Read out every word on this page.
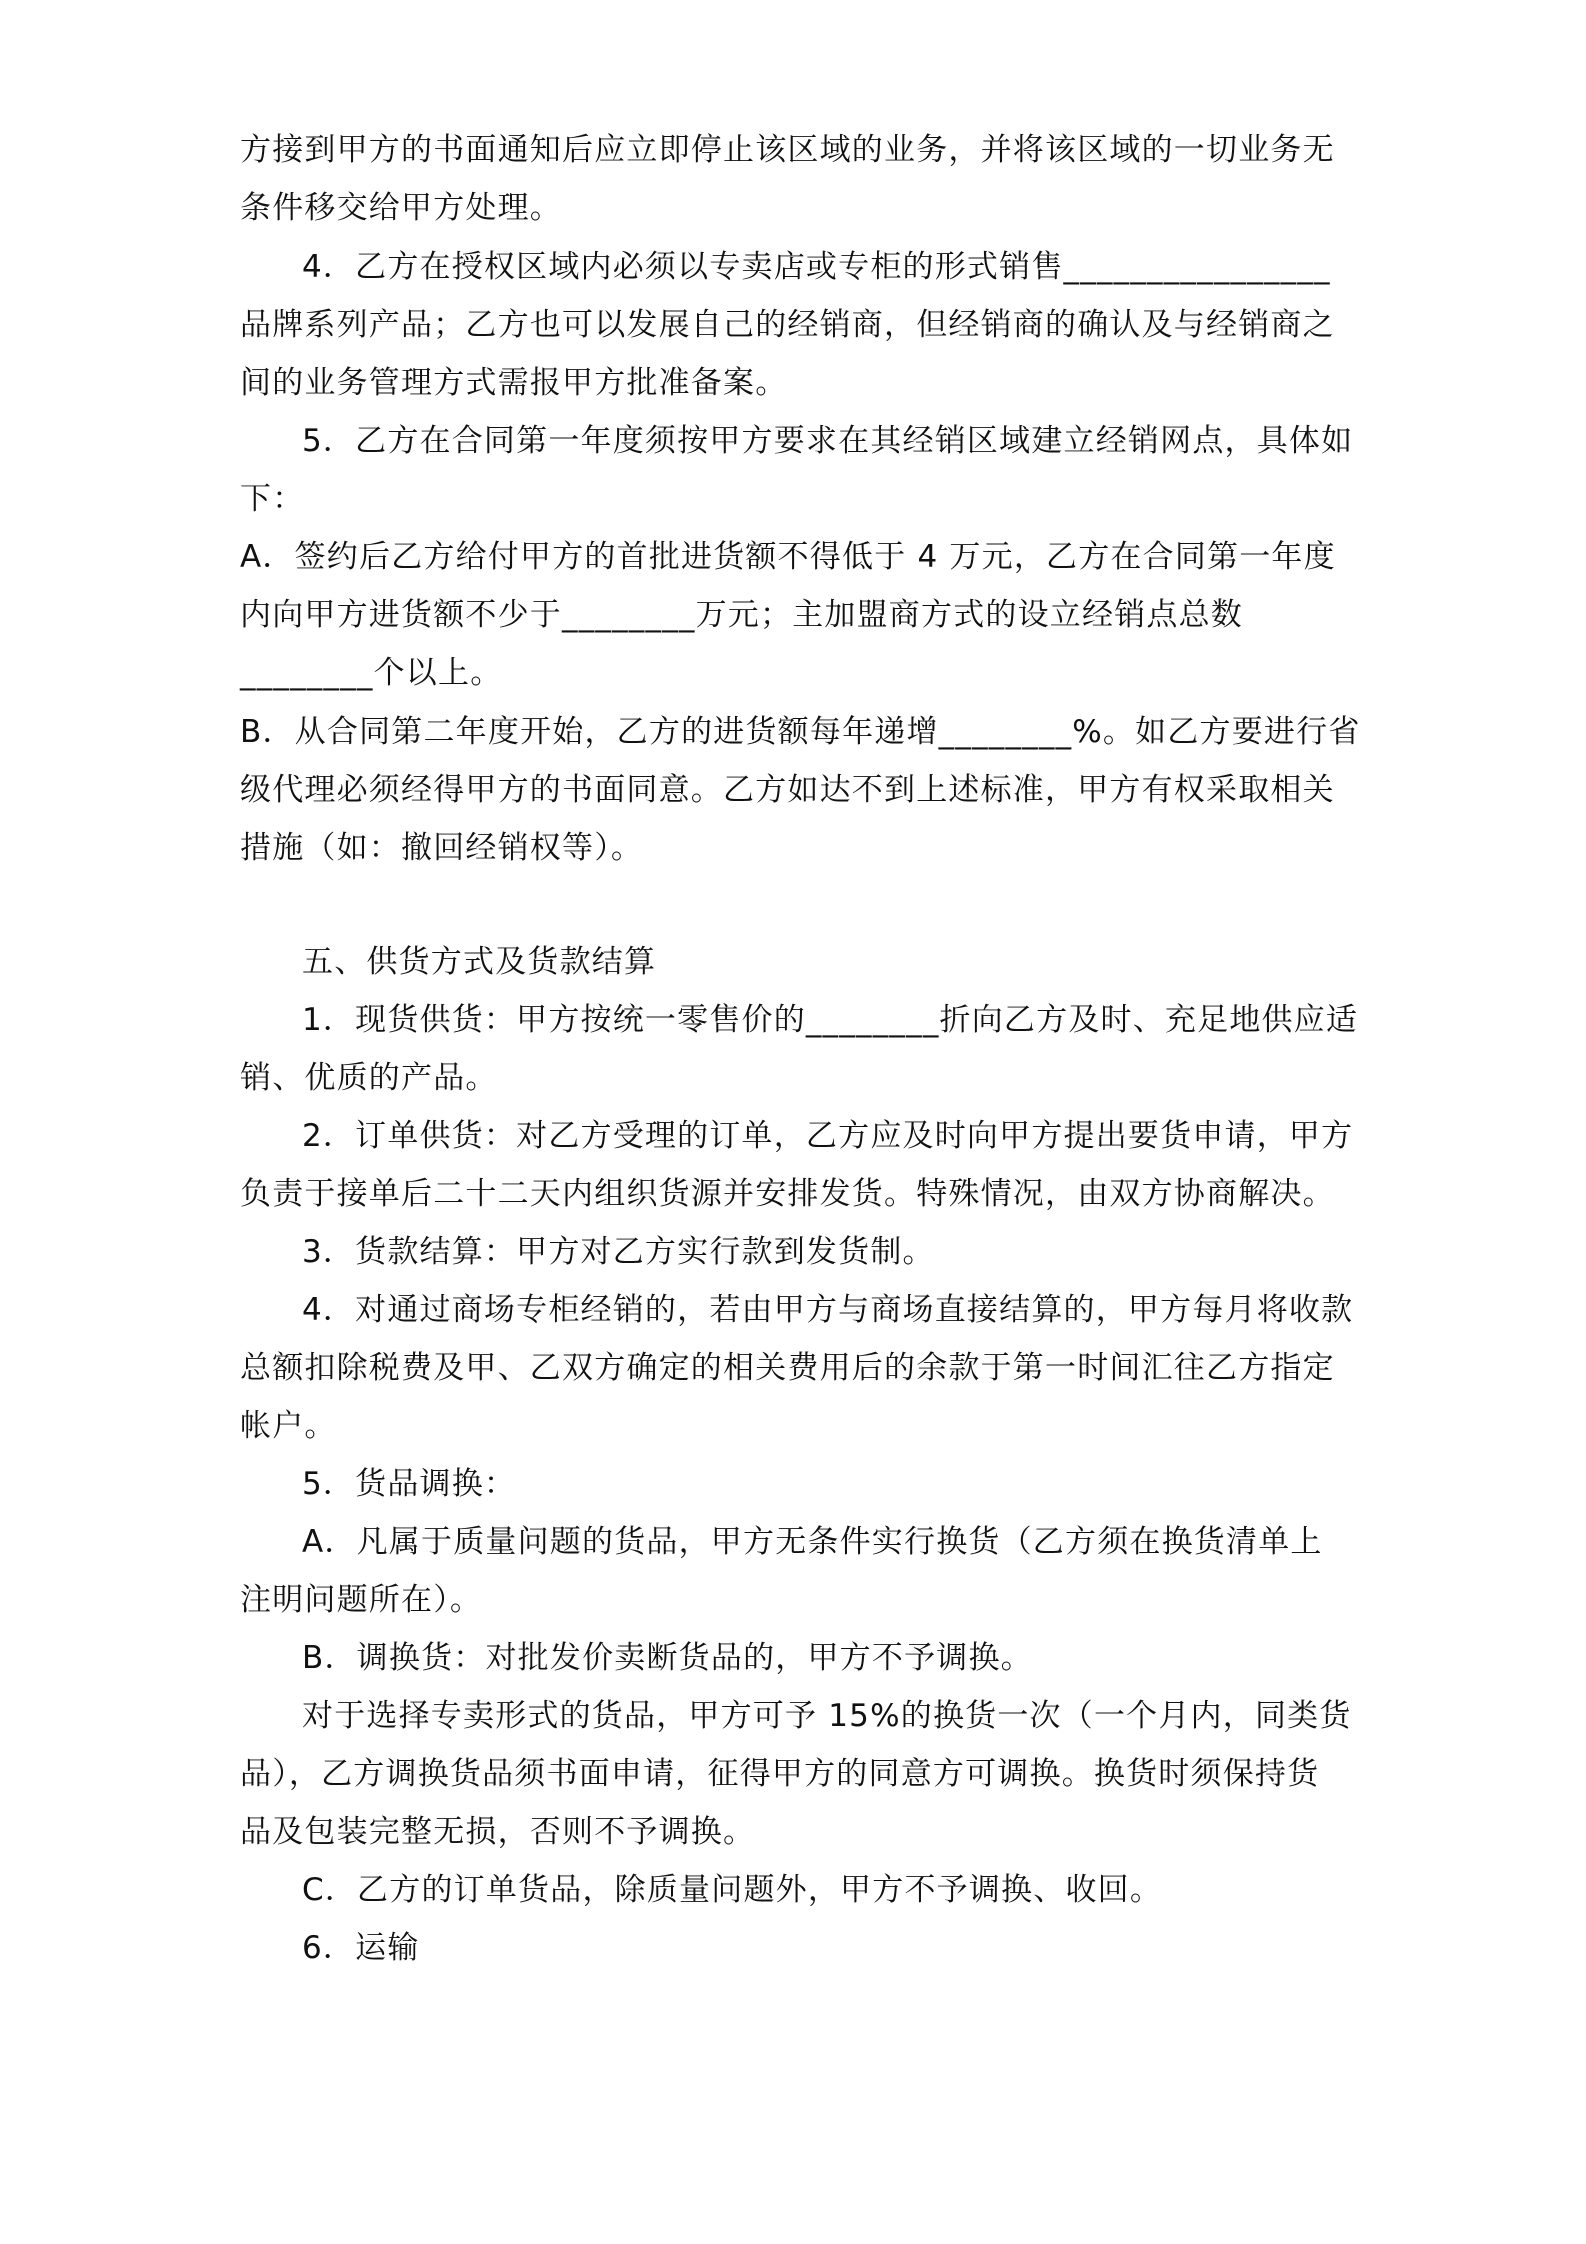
方接到甲方的书面通知后应立即停止该区域的业务，并将该区域的一切业务无
条件移交给甲方处理。
4．乙方在授权区域内必须以专卖店或专柜的形式销售________________
品牌系列产品；乙方也可以发展自己的经销商，但经销商的确认及与经销商之
间的业务管理方式需报甲方批准备案。
5．乙方在合同第一年度须按甲方要求在其经销区域建立经销网点，具体如
下：
A．签约后乙方给付甲方的首批进货额不得低于 4 万元，乙方在合同第一年度
内向甲方进货额不少于________万元；主加盟商方式的设立经销点总数
________个以上。
B．从合同第二年度开始，乙方的进货额每年递增________%。如乙方要进行省
级代理必须经得甲方的书面同意。乙方如达不到上述标准，甲方有权采取相关
措施（如：撤回经销权等）。
五、供货方式及货款结算
1．现货供货：甲方按统一零售价的________折向乙方及时、充足地供应适
销、优质的产品。
2．订单供货：对乙方受理的订单，乙方应及时向甲方提出要货申请，甲方
负责于接单后二十二天内组织货源并安排发货。特殊情况，由双方协商解决。
3．货款结算：甲方对乙方实行款到发货制。
4．对通过商场专柜经销的，若由甲方与商场直接结算的，甲方每月将收款
总额扣除税费及甲、乙双方确定的相关费用后的余款于第一时间汇往乙方指定
帐户。
5．货品调换：
A．凡属于质量问题的货品，甲方无条件实行换货（乙方须在换货清单上
注明问题所在）。
B．调换货：对批发价卖断货品的，甲方不予调换。
对于选择专卖形式的货品，甲方可予 15%的换货一次（一个月内，同类货
品），乙方调换货品须书面申请，征得甲方的同意方可调换。换货时须保持货
品及包装完整无损，否则不予调换。
C．乙方的订单货品，除质量问题外，甲方不予调换、收回。
6．运输
